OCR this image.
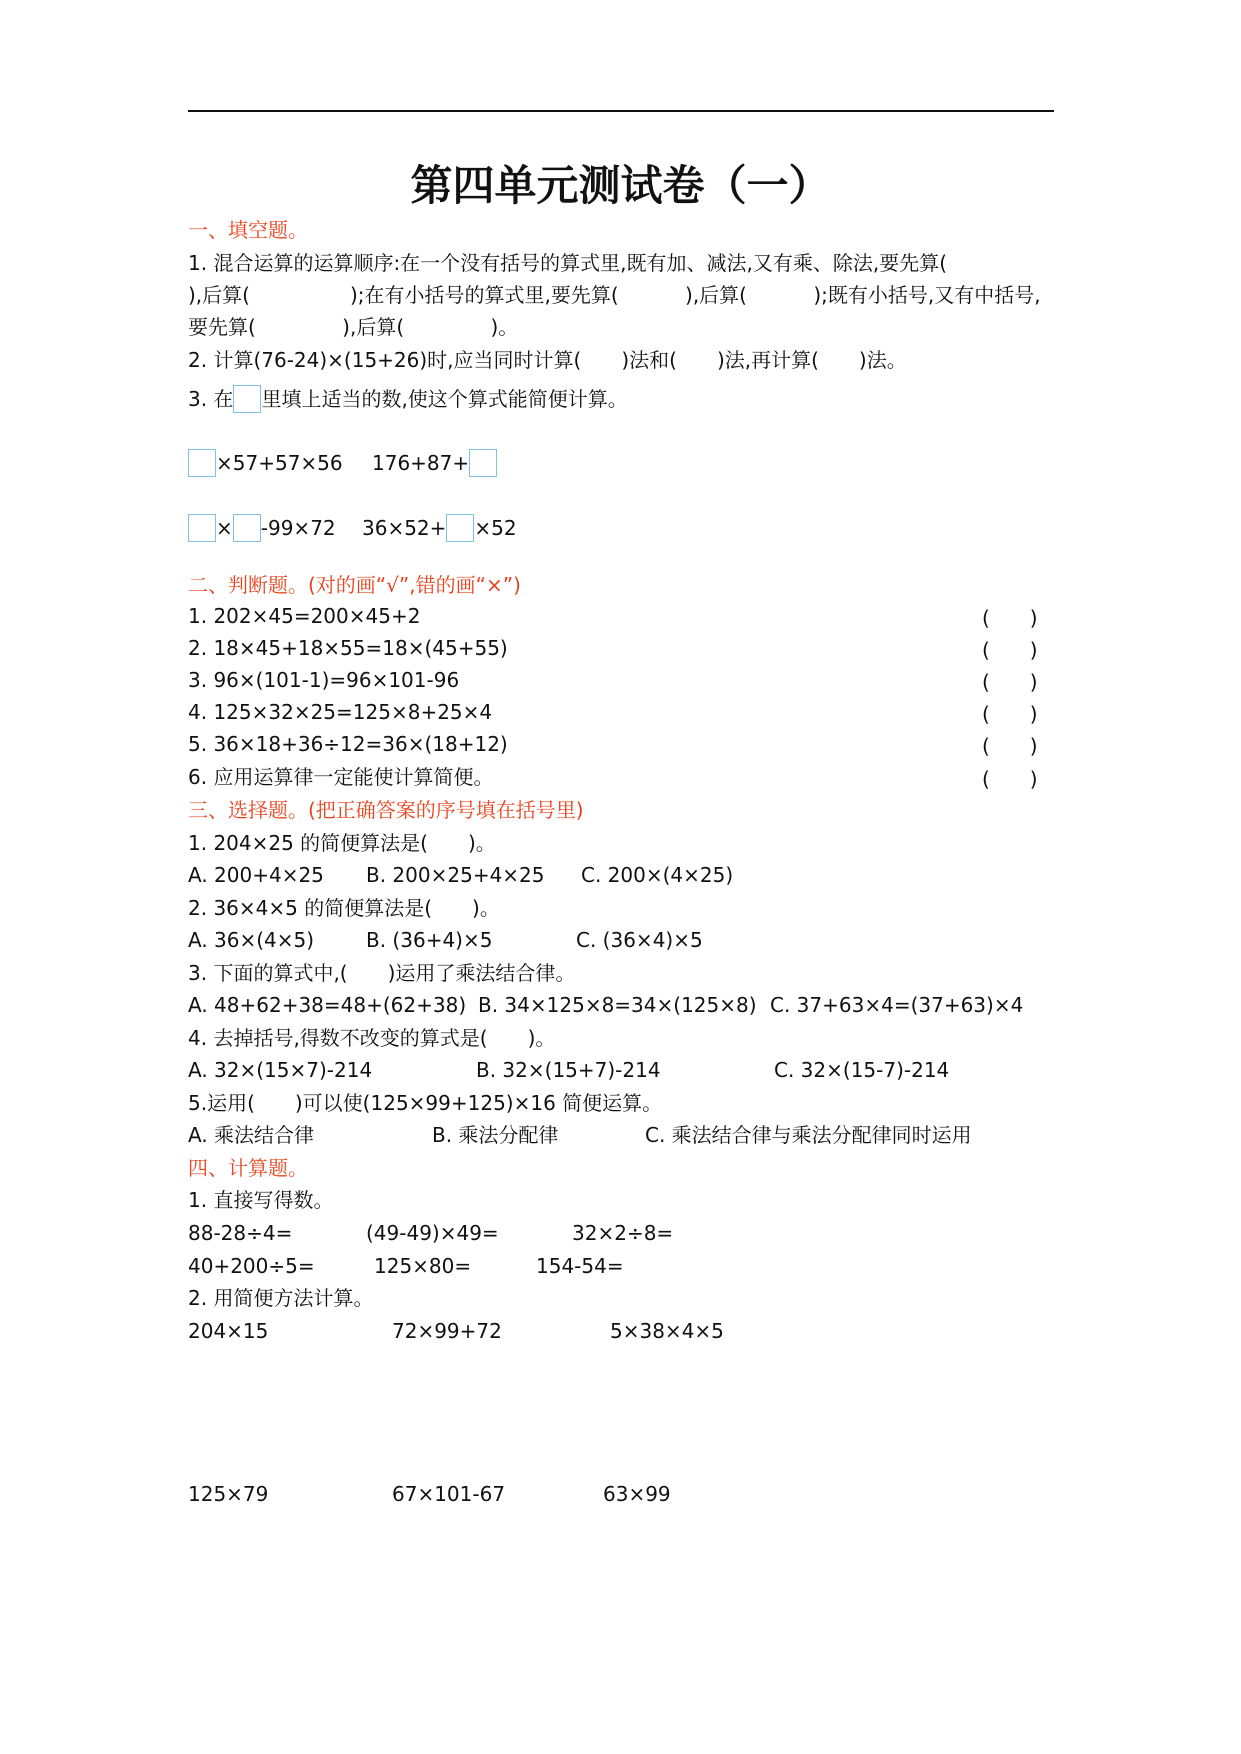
第四单元测试卷（一）
一、填空题。
1. 混合运算的运算顺序:在一个没有括号的算式里,既有加、减法,又有乘、除法,要先算(
),后算(　　　　　);在有小括号的算式里,要先算(　　　 ),后算(　　　 );既有小括号,又有中括号,
要先算(　　　　 ),后算(　　　　 )。
2. 计算(76-24)×(15+26)时,应当同时计算(　　)法和(　　)法,再计算(　　)法。
3. 在 里填上适当的数,使这个算式能简便计算。
×57+57×56 176+87+
× -99×72 36×52+ ×52
二、判断题。(对的画“√”,错的画“×”)
1. 202×45=200×45+2	(　　)
2. 18×45+18×55=18×(45+55)	(　　)
3. 96×(101-1)=96×101-96	(　　)
4. 125×32×25=125×8+25×4	(　　)
5. 36×18+36÷12=36×(18+12)	(　　)
6. 应用运算律一定能使计算简便。	(　　)
三、选择题。(把正确答案的序号填在括号里)
1. 204×25 的简便算法是(　　)。
A. 200+4×25 B. 200×25+4×25 C. 200×(4×25)
2. 36×4×5 的简便算法是(　　)。
A. 36×(4×5)	B. (36+4)×5	C. (36×4)×5
3. 下面的算式中,(　　)运用了乘法结合律。
A. 48+62+38=48+(62+38) B. 34×125×8=34×(125×8) C. 37+63×4=(37+63)×4
4. 去掉括号,得数不改变的算式是(　　)。
A. 32×(15×7)-214	B. 32×(15+7)-214	C. 32×(15-7)-214
5.运用(　　)可以使(125×99+125)×16 简便运算。
A. 乘法结合律	B. 乘法分配律	C. 乘法结合律与乘法分配律同时运用
四、计算题。
1. 直接写得数。
88-28÷4=	(49-49)×49=	32×2÷8=
40+200÷5=	125×80=	154-54=
2. 用简便方法计算。
204×15	72×99+72	5×38×4×5
125×79	67×101-67	63×99
